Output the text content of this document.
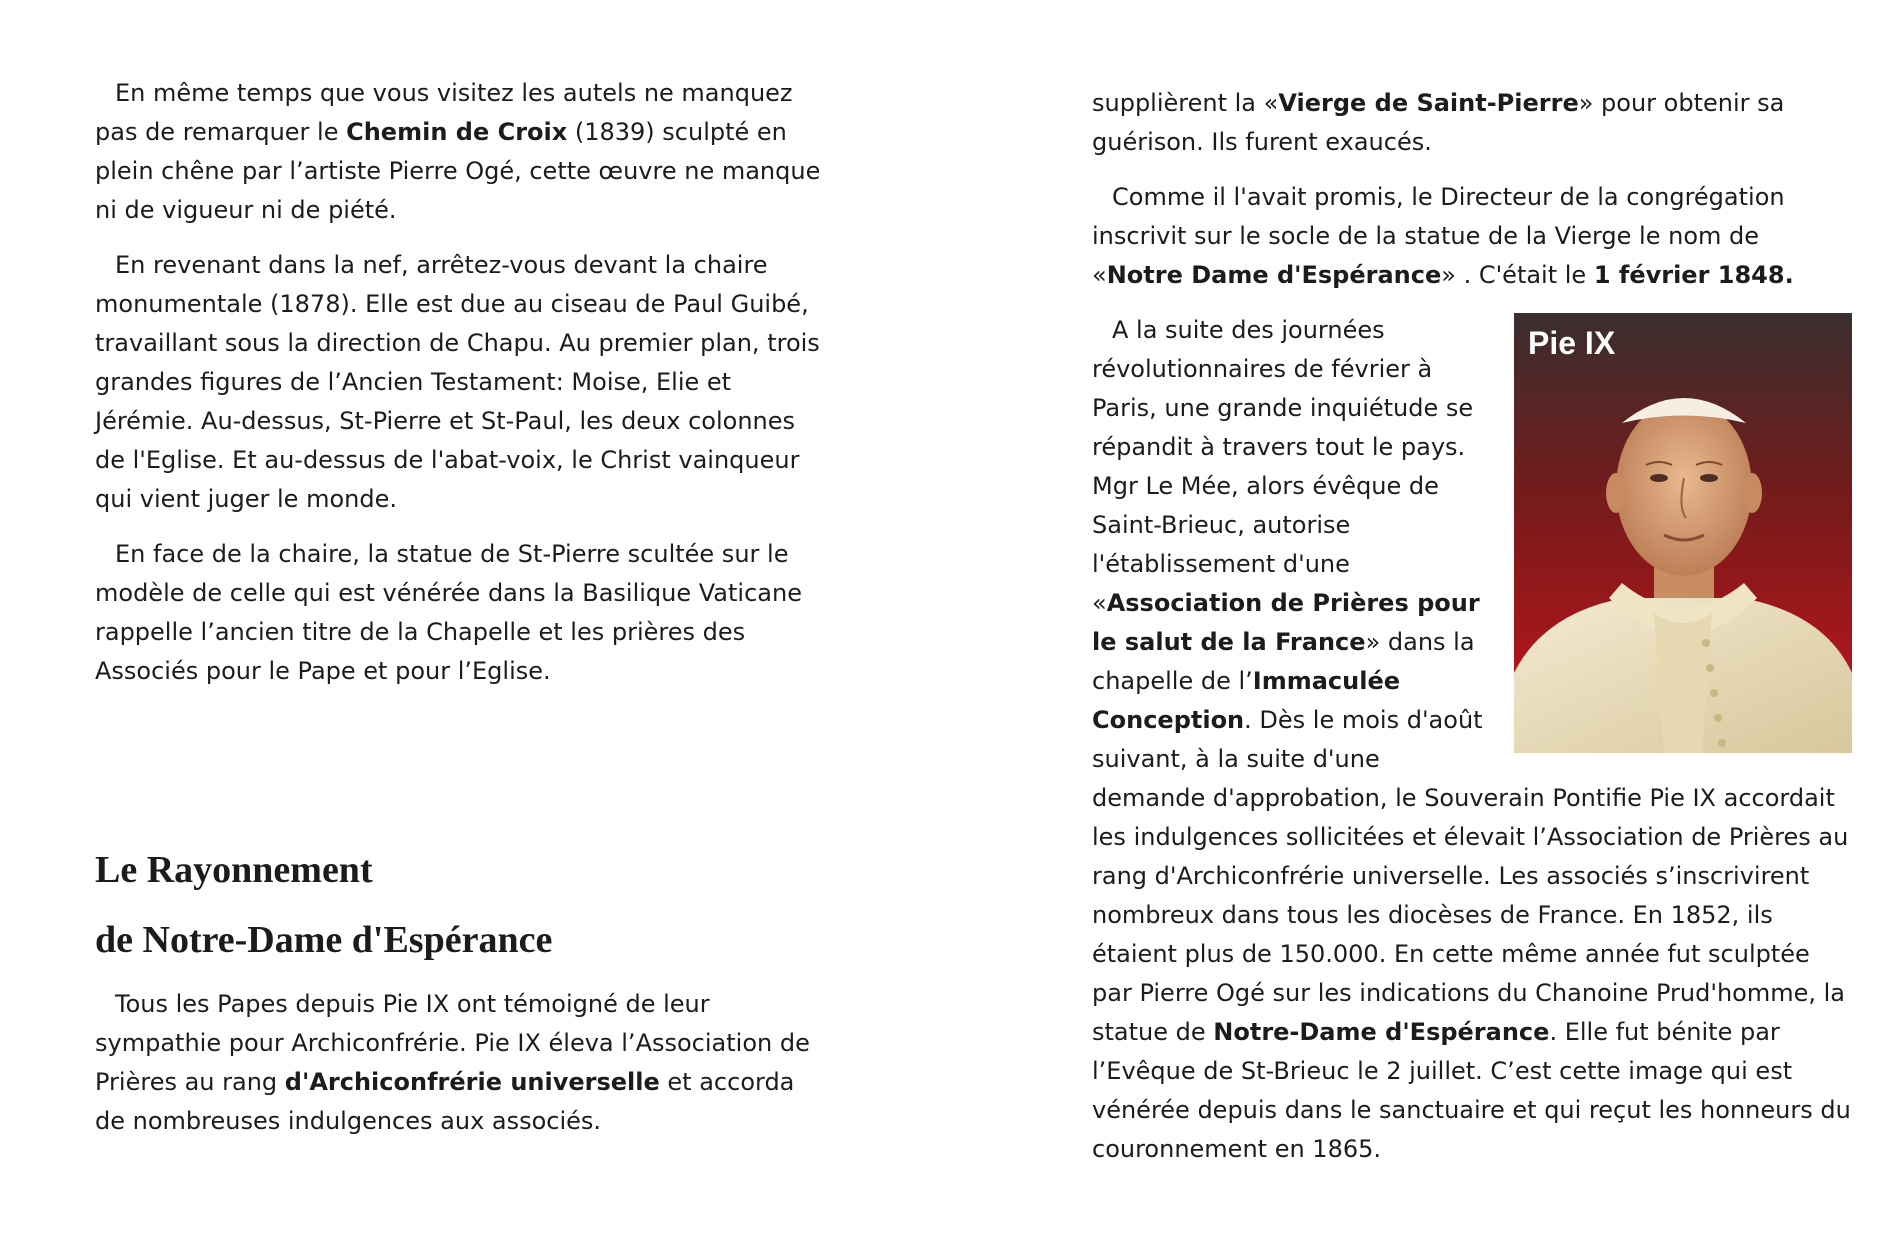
En même temps que vous visitez les autels ne manquez pas de remarquer le Chemin de Croix (1839) sculpté en plein chêne par l’artiste Pierre Ogé, cette œuvre ne manque ni de vigueur ni de piété.

En revenant dans la nef, arrêtez-vous devant la chaire monumentale (1878). Elle est due au ciseau de Paul Guibé, travaillant sous la direction de Chapu. Au premier plan, trois grandes figures de l’Ancien Testament: Moise, Elie et Jérémie. Au-dessus, St-Pierre et St-Paul, les deux colonnes de l'Eglise. Et au-dessus de l'abat-voix, le Christ vainqueur qui vient juger le monde.

En face de la chaire, la statue de St-Pierre scultée sur le modèle de celle qui est vénérée dans la Basilique Vaticane rappelle l’ancien titre de la Chapelle et les prières des Associés pour le Pape et pour l’Eglise.

Le Rayonnement
de Notre-Dame d'Espérance

Tous les Papes depuis Pie IX ont témoigné de leur sympathie pour Archiconfrérie. Pie IX éleva l’Association de Prières au rang d'Archiconfrérie universelle et accorda de nombreuses indulgences aux associés.

supplièrent la «Vierge de Saint-Pierre» pour obtenir sa guérison. Ils furent exaucés.

Comme il l'avait promis, le Directeur de la congrégation inscrivit sur le socle de la statue de la Vierge le nom de «Notre Dame d'Espérance» . C'était le 1 février 1848.

Pie IX

A la suite des journées révolutionnaires de février à Paris, une grande inquiétude se répandit à travers tout le pays. Mgr Le Mée, alors évêque de Saint-Brieuc, autorise l'établissement d'une «Association de Prières pour le salut de la France» dans la chapelle de l’Immaculée Conception. Dès le mois d'août suivant, à la suite d'une demande d'approbation, le Souverain Pontifie Pie IX accordait les indulgences sollicitées et élevait l’Association de Prières au rang d'Archiconfrérie universelle. Les associés s’inscrivirent nombreux dans tous les diocèses de France. En 1852, ils étaient plus de 150.000. En cette même année fut sculptée par Pierre Ogé sur les indications du Chanoine Prud'homme, la statue de Notre-Dame d'Espérance. Elle fut bénite par l’Evêque de St-Brieuc le 2 juillet. C’est cette image qui est vénérée depuis dans le sanctuaire et qui reçut les honneurs du couronnement en 1865.
